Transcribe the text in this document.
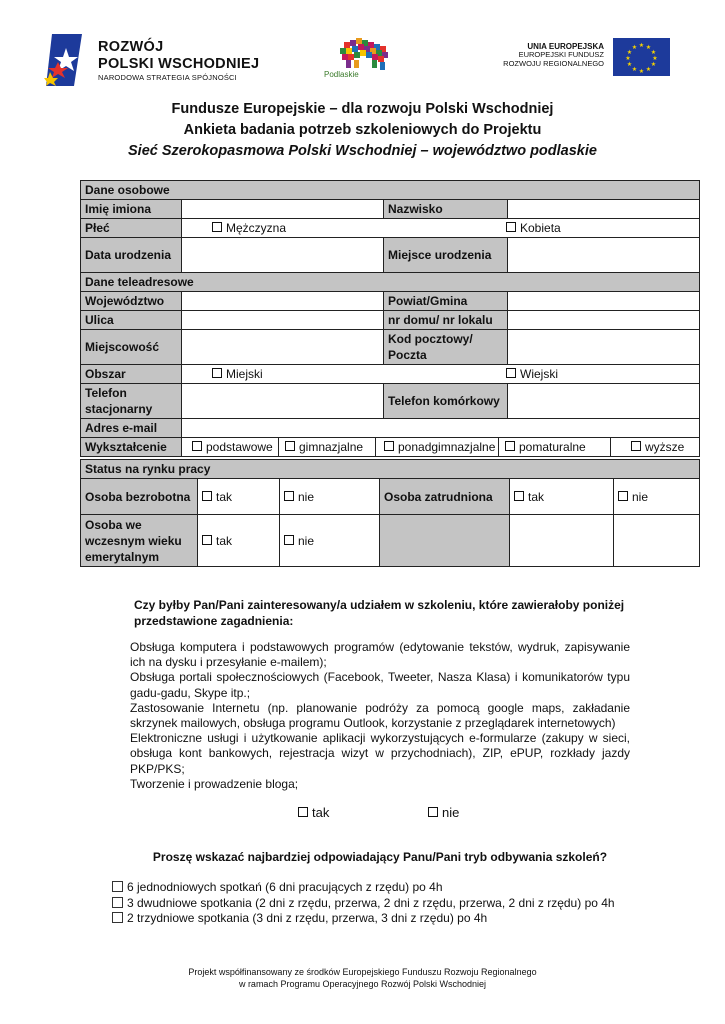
ROZWÓJ
POLSKI WSCHODNIEJ
NARODOWA STRATEGIA SPÓJNOŚCI	Podlaskie
UNIA EUROPEJSKA
EUROPEJSKI FUNDUSZ
ROZWOJU REGIONALNEGO
★ ★
★
★
★
★
★
★
★
★
★
★
Fundusze Europejskie – dla rozwoju Polski Wschodniej
Ankieta badania potrzeb szkoleniowych do Projektu
Sieć Szerokopasmowa Polski Wschodniej – województwo podlaskie
Dane osobowe			
Imię imiona		Nazwisko	
Płeć	Mężczyzna Kobieta		

Data urodzenia		Miejsce urodzenia	
Dane teleadresowe			
Województwo		Powiat/Gmina	
Ulica		nr domu/ nr lokalu	
Miejscowość		Kod pocztowy/ Poczta	
Obszar	Miejski Wiejski		

Telefon stacjonarny		Telefon komórkowy	
Adres e-mail			
Wykształcenie	podstawowe gimnazjalne ponadgimnazjalne pomaturalne wyższe		
Status na rynku pracy					
Osoba bezrobotna	tak	nie	Osoba zatrudniona	tak	nie
Osoba we wczesnym wieku emerytalnym	tak	nie			
Czy byłby Pan/Pani zainteresowany/a udziałem w szkoleniu, które zawierałoby poniżej przedstawione zagadnienia:

Obsługa komputera i podstawowych programów (edytowanie tekstów, wydruk, zapisywanie ich na dysku i przesyłanie e-mailem);

Obsługa portali społecznościowych (Facebook, Tweeter, Nasza Klasa) i komunikatorów typu gadu-gadu, Skype itp.;

Zastosowanie Internetu (np. planowanie podróży za pomocą google maps, zakładanie skrzynek mailowych, obsługa programu Outlook, korzystanie z przeglądarek internetowych)

Elektroniczne usługi i użytkowanie aplikacji wykorzystujących e-formularze (zakupy w sieci, obsługa kont bankowych, rejestracja wizyt w przychodniach), ZIP, ePUP, rozkłady jazdy PKP/PKS;

Tworzenie i prowadzenie bloga;

tak	nie
Proszę wskazać najbardziej odpowiadający Panu/Pani tryb odbywania szkoleń?
6 jednodniowych spotkań (6 dni pracujących z rzędu) po 4h
3 dwudniowe spotkania (2 dni z rzędu, przerwa, 2 dni z rzędu, przerwa, 2 dni z rzędu) po 4h
2 trzydniowe spotkania (3 dni z rzędu, przerwa, 3 dni z rzędu) po 4h
Projekt współfinansowany ze środków Europejskiego Funduszu Rozwoju Regionalnego
w ramach Programu Operacyjnego Rozwój Polski Wschodniej
